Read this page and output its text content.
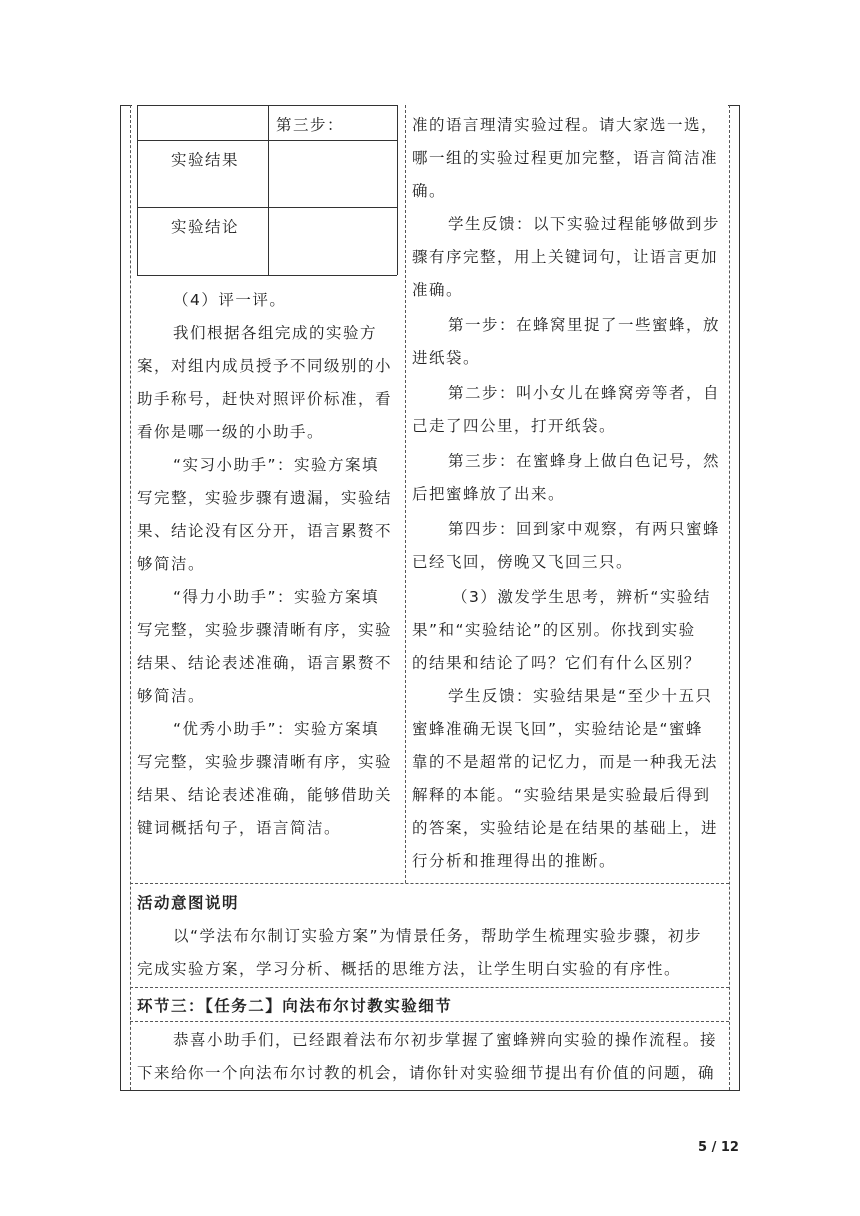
第三步：
实验结果
实验结论
（4）评一评。
我们根据各组完成的实验方
案，对组内成员授予不同级别的小
助手称号，赶快对照评价标准，看
看你是哪一级的小助手。
“实习小助手”：实验方案填
写完整，实验步骤有遗漏，实验结
果、结论没有区分开，语言累赘不
够简洁。
“得力小助手”：实验方案填
写完整，实验步骤清晰有序，实验
结果、结论表述准确，语言累赘不
够简洁。
“优秀小助手”：实验方案填
写完整，实验步骤清晰有序，实验
结果、结论表述准确，能够借助关
键词概括句子，语言简洁。
准的语言理清实验过程。请大家选一选，
哪一组的实验过程更加完整，语言简洁准
确。
学生反馈：以下实验过程能够做到步
骤有序完整，用上关键词句，让语言更加
准确。
第一步：在蜂窝里捉了一些蜜蜂，放
进纸袋。
第二步：叫小女儿在蜂窝旁等者，自
己走了四公里，打开纸袋。
第三步：在蜜蜂身上做白色记号，然
后把蜜蜂放了出来。
第四步：回到家中观察，有两只蜜蜂
已经飞回，傍晚又飞回三只。
（3）激发学生思考，辨析“实验结
果”和“实验结论”的区别。你找到实验
的结果和结论了吗？它们有什么区别？
学生反馈：实验结果是“至少十五只
蜜蜂准确无误飞回”，实验结论是“蜜蜂
靠的不是超常的记忆力，而是一种我无法
解释的本能。“实验结果是实验最后得到
的答案，实验结论是在结果的基础上，进
行分析和推理得出的推断。
活动意图说明
以“学法布尔制订实验方案”为情景任务，帮助学生梳理实验步骤，初步
完成实验方案，学习分析、概括的思维方法，让学生明白实验的有序性。
环节三：【任务二】向法布尔讨教实验细节
恭喜小助手们，已经跟着法布尔初步掌握了蜜蜂辨向实验的操作流程。接
下来给你一个向法布尔讨教的机会，请你针对实验细节提出有价值的问题，确
5 / 12
